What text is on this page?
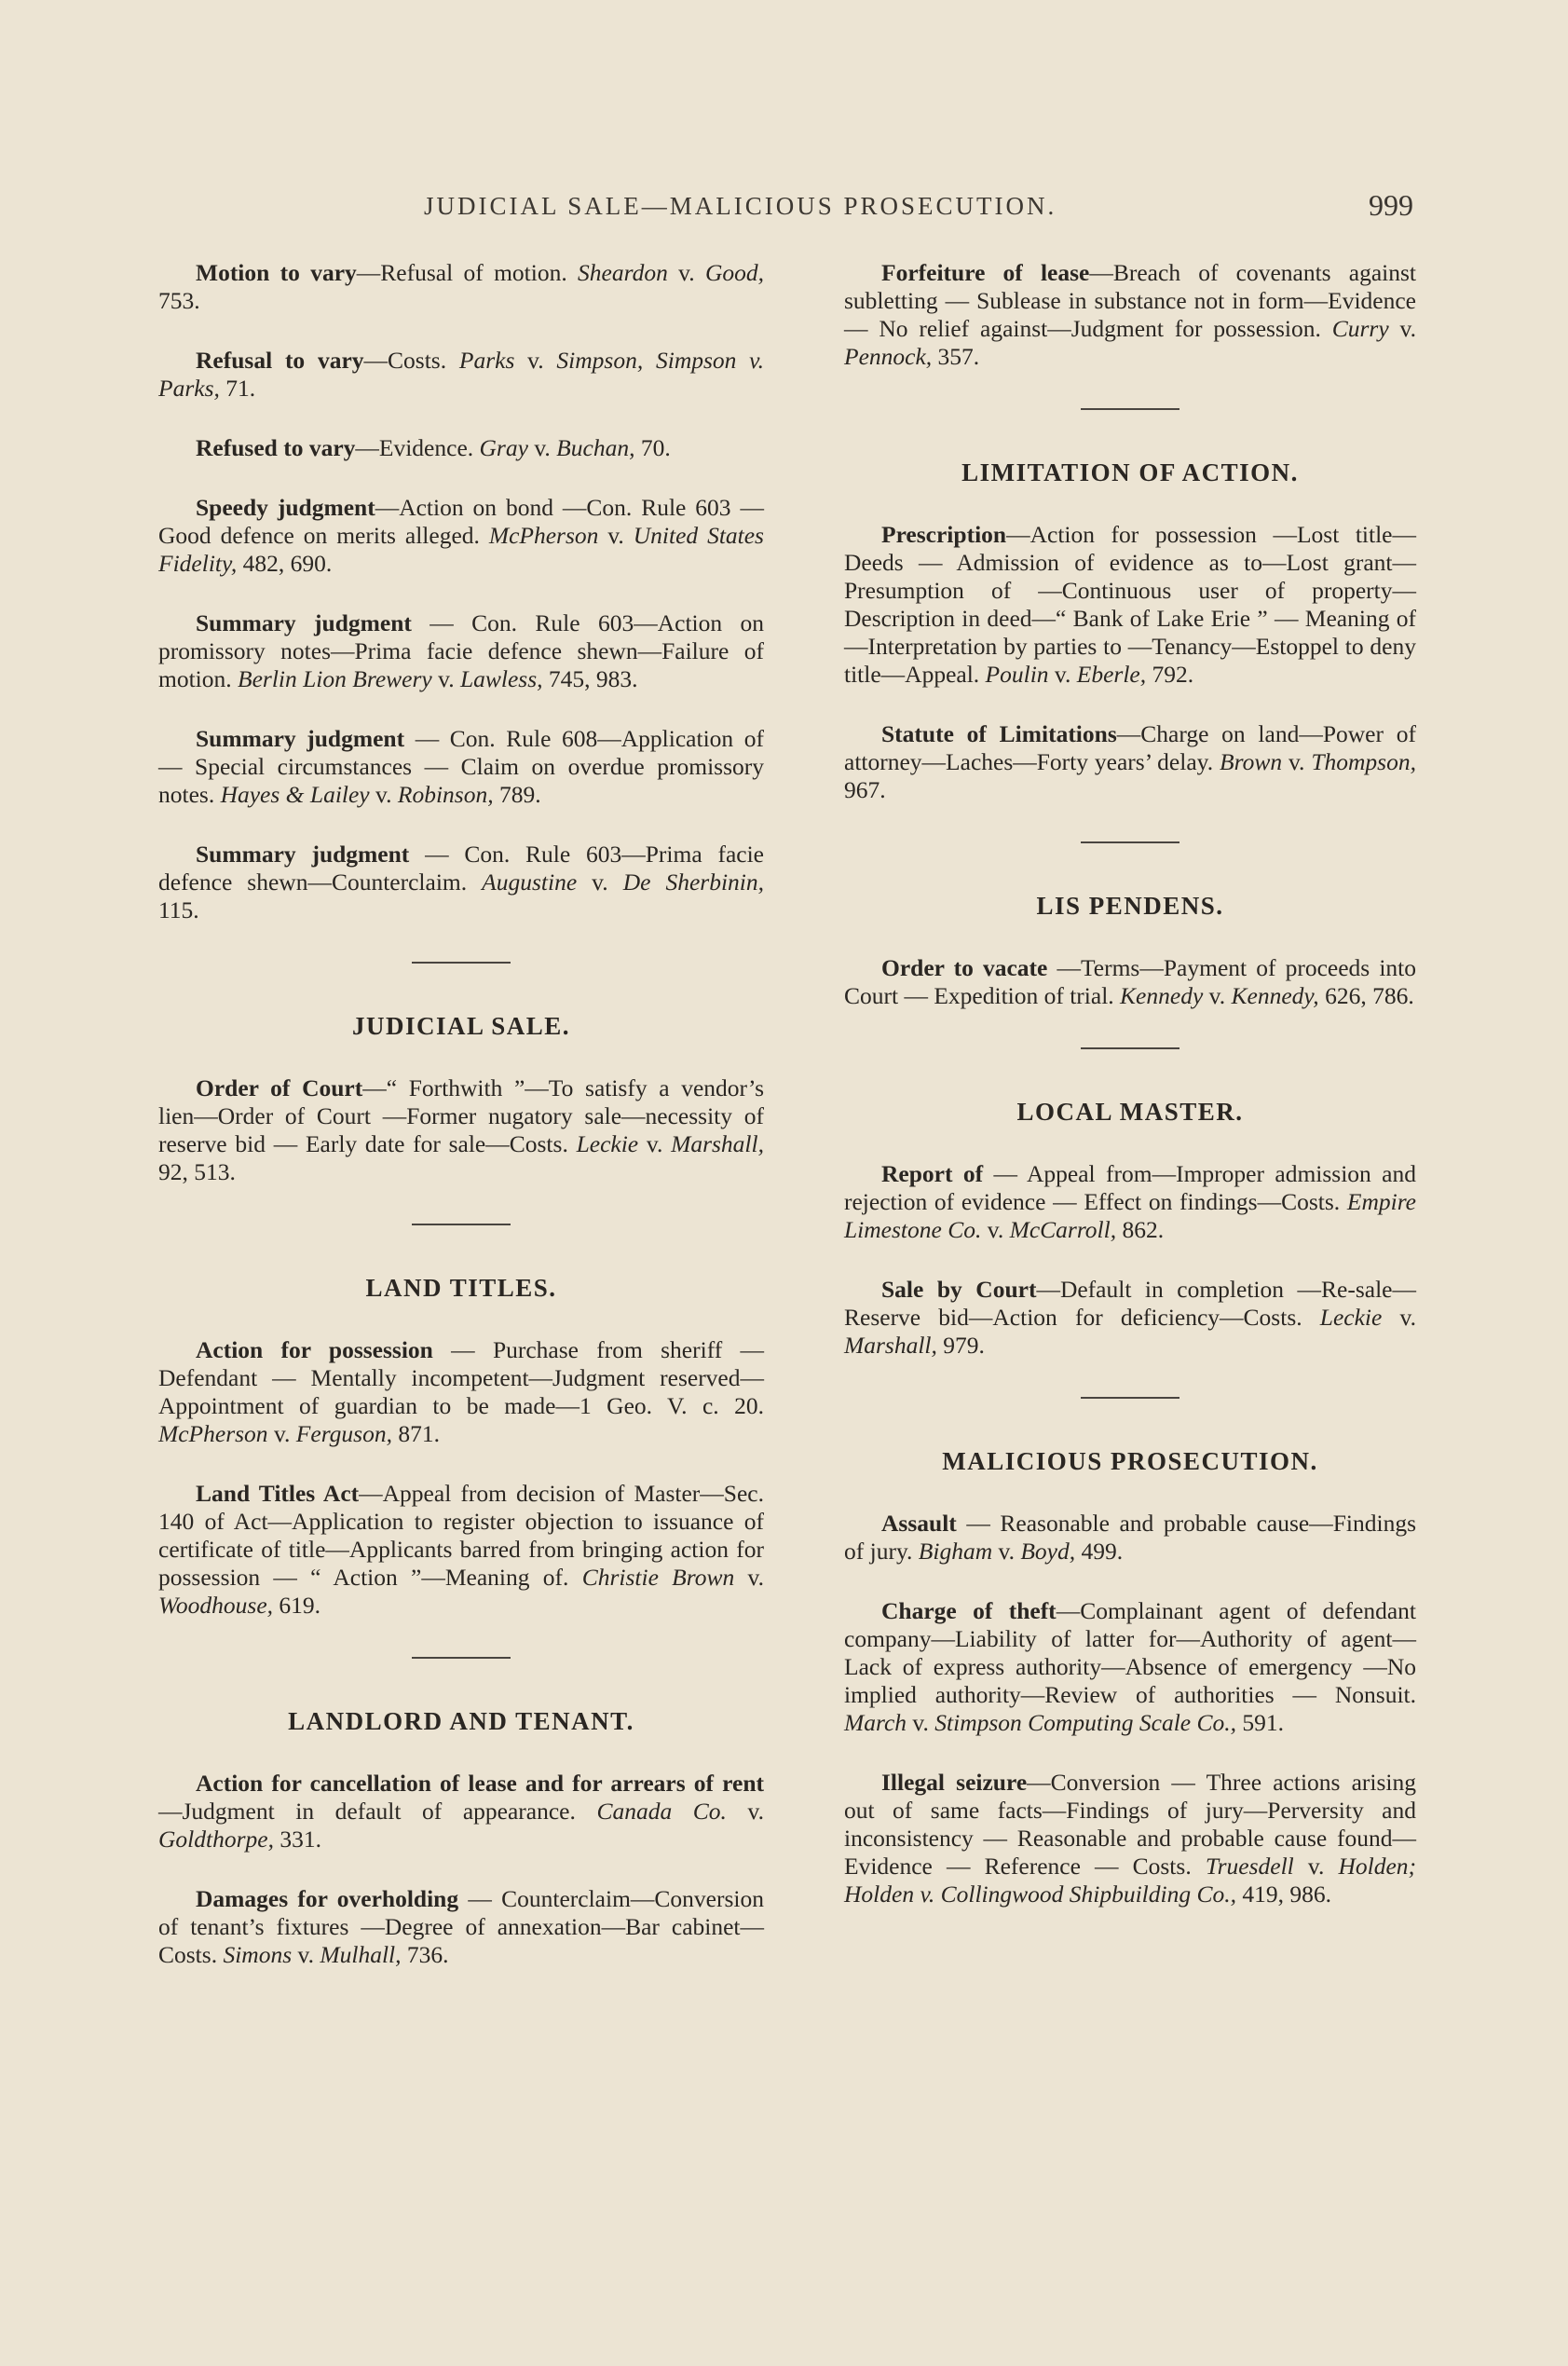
JUDICIAL SALE—MALICIOUS PROSECUTION.	999

Motion to vary—Refusal of motion. Sheardon v. Good, 753.

Refusal to vary—Costs. Parks v. Simpson, Simpson v. Parks, 71.

Refused to vary—Evidence. Gray v. Buchan, 70.

Speedy judgment—Action on bond —Con. Rule 603 — Good defence on merits alleged. McPherson v. United States Fidelity, 482, 690.

Summary judgment — Con. Rule 603—Action on promissory notes—Prima facie defence shewn—Failure of motion. Berlin Lion Brewery v. Lawless, 745, 983.

Summary judgment — Con. Rule 608—Application of — Special circumstances — Claim on overdue promissory notes. Hayes & Lailey v. Robinson, 789.

Summary judgment — Con. Rule 603—Prima facie defence shewn—Counterclaim. Augustine v. De Sherbinin, 115.

JUDICIAL SALE.

Order of Court—“ Forthwith ”—To satisfy a vendor’s lien—Order of Court —Former nugatory sale—necessity of reserve bid — Early date for sale—Costs. Leckie v. Marshall, 92, 513.

LAND TITLES.

Action for possession — Purchase from sheriff — Defendant — Mentally incompetent—Judgment reserved—Appointment of guardian to be made—1 Geo. V. c. 20. McPherson v. Ferguson, 871.

Land Titles Act—Appeal from decision of Master—Sec. 140 of Act—Application to register objection to issuance of certificate of title—Applicants barred from bringing action for possession — “ Action ”—Meaning of. Christie Brown v. Woodhouse, 619.

LANDLORD AND TENANT.

Action for cancellation of lease and for arrears of rent—Judgment in default of appearance. Canada Co. v. Goldthorpe, 331.

Damages for overholding — Counterclaim—Conversion of tenant’s fixtures —Degree of annexation—Bar cabinet—Costs. Simons v. Mulhall, 736.

Forfeiture of lease—Breach of covenants against subletting — Sublease in substance not in form—Evidence — No relief against—Judgment for possession. Curry v. Pennock, 357.

LIMITATION OF ACTION.

Prescription—Action for possession —Lost title—Deeds — Admission of evidence as to—Lost grant—Presumption of —Continuous user of property—Description in deed—“ Bank of Lake Erie ” — Meaning of—Interpretation by parties to —Tenancy—Estoppel to deny title—Appeal. Poulin v. Eberle, 792.

Statute of Limitations—Charge on land—Power of attorney—Laches—Forty years’ delay. Brown v. Thompson, 967.

LIS PENDENS.

Order to vacate —Terms—Payment of proceeds into Court — Expedition of trial. Kennedy v. Kennedy, 626, 786.

LOCAL MASTER.

Report of — Appeal from—Improper admission and rejection of evidence — Effect on findings—Costs. Empire Limestone Co. v. McCarroll, 862.

Sale by Court—Default in completion —Re-sale—Reserve bid—Action for deficiency—Costs. Leckie v. Marshall, 979.

MALICIOUS PROSECUTION.

Assault — Reasonable and probable cause—Findings of jury. Bigham v. Boyd, 499.

Charge of theft—Complainant agent of defendant company—Liability of latter for—Authority of agent—Lack of express authority—Absence of emergency —No implied authority—Review of authorities — Nonsuit. March v. Stimpson Computing Scale Co., 591.

Illegal seizure—Conversion — Three actions arising out of same facts—Findings of jury—Perversity and inconsistency — Reasonable and probable cause found—Evidence — Reference — Costs. Truesdell v. Holden; Holden v. Collingwood Shipbuilding Co., 419, 986.
